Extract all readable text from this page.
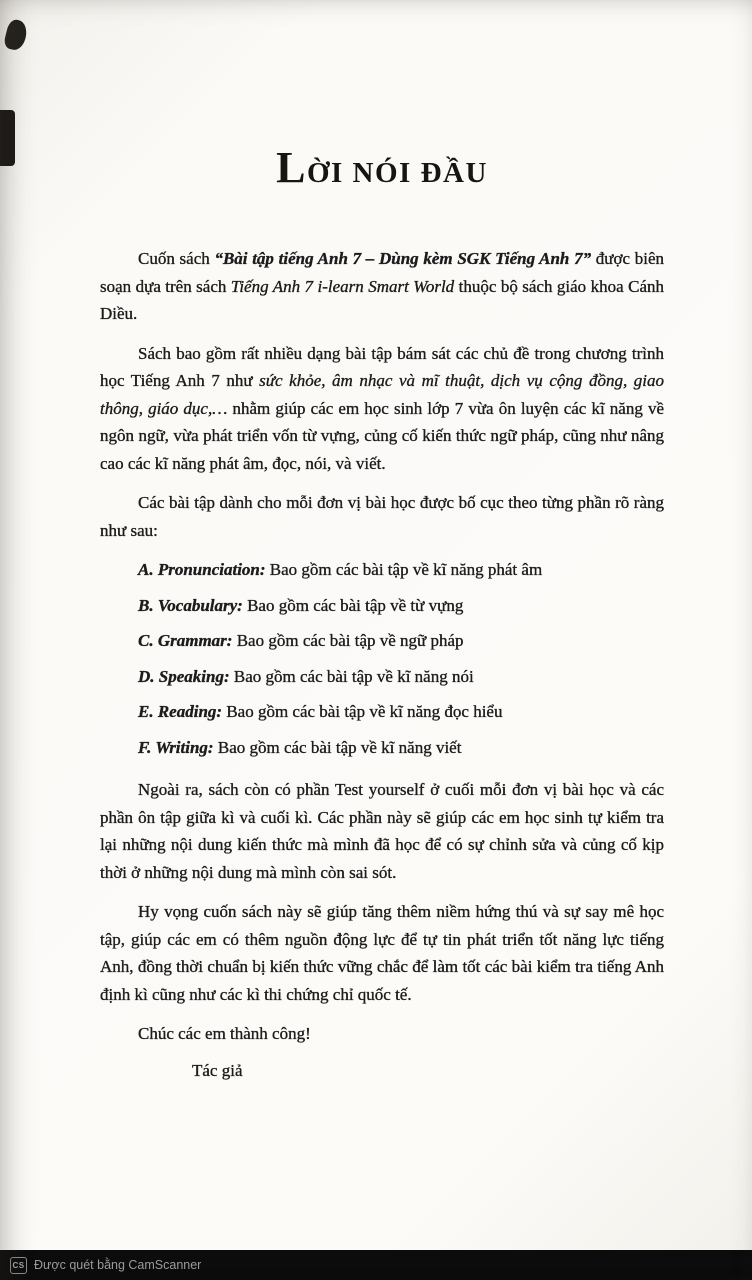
LỜI NÓI ĐẦU

Cuốn sách “Bài tập tiếng Anh 7 – Dùng kèm SGK Tiếng Anh 7” được biên soạn dựa trên sách Tiếng Anh 7 i-learn Smart World thuộc bộ sách giáo khoa Cánh Diều.

Sách bao gồm rất nhiều dạng bài tập bám sát các chủ đề trong chương trình học Tiếng Anh 7 như sức khỏe, âm nhạc và mĩ thuật, dịch vụ cộng đồng, giao thông, giáo dục,… nhằm giúp các em học sinh lớp 7 vừa ôn luyện các kĩ năng về ngôn ngữ, vừa phát triển vốn từ vựng, củng cố kiến thức ngữ pháp, cũng như nâng cao các kĩ năng phát âm, đọc, nói, và viết.

Các bài tập dành cho mỗi đơn vị bài học được bố cục theo từng phần rõ ràng như sau:

A. Pronunciation: Bao gồm các bài tập về kĩ năng phát âm
B. Vocabulary: Bao gồm các bài tập về từ vựng
C. Grammar: Bao gồm các bài tập về ngữ pháp
D. Speaking: Bao gồm các bài tập về kĩ năng nói
E. Reading: Bao gồm các bài tập về kĩ năng đọc hiểu
F. Writing: Bao gồm các bài tập về kĩ năng viết

Ngoài ra, sách còn có phần Test yourself ở cuối mỗi đơn vị bài học và các phần ôn tập giữa kì và cuối kì. Các phần này sẽ giúp các em học sinh tự kiểm tra lại những nội dung kiến thức mà mình đã học để có sự chỉnh sửa và củng cố kịp thời ở những nội dung mà mình còn sai sót.

Hy vọng cuốn sách này sẽ giúp tăng thêm niềm hứng thú và sự say mê học tập, giúp các em có thêm nguồn động lực để tự tin phát triển tốt năng lực tiếng Anh, đồng thời chuẩn bị kiến thức vững chắc để làm tốt các bài kiểm tra tiếng Anh định kì cũng như các kì thi chứng chỉ quốc tế.

Chúc các em thành công!

Tác giả

CS Được quét bằng CamScanner
